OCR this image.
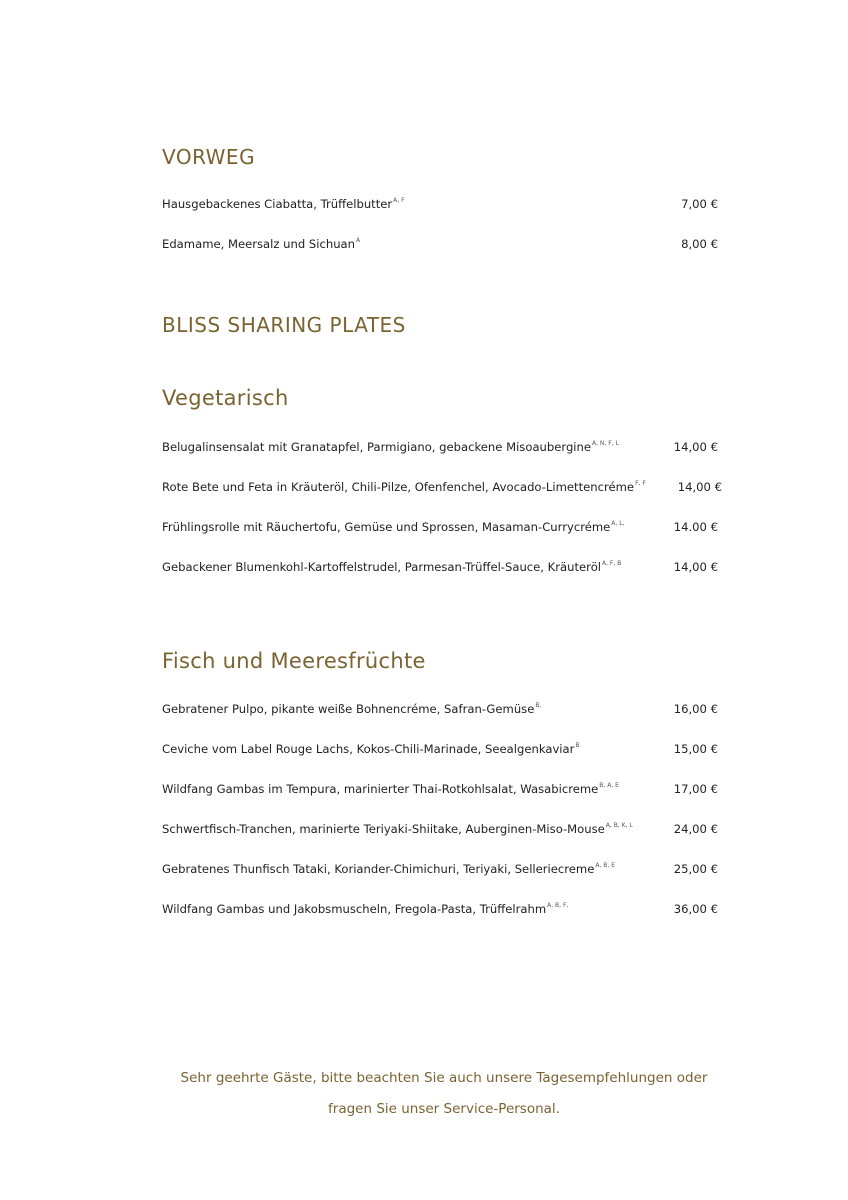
VORWEG
Hausgebackenes Ciabatta, Trüffelbutter$^{A, F}$	7,00 €
Edamame, Meersalz und Sichuan$^A$	8,00 €
BLISS SHARING PLATES
Vegetarisch
Belugalinsensalat mit Granatapfel, Parmigiano, gebackene Misoaubergine$^{A, N, F, L}$	14,00 €
Rote Bete und Feta in Kräuteröl, Chili-Pilze, Ofenfenchel, Avocado-Limettencréme$^{F, F}$	14,00 €
Frühlingsrolle mit Räuchertofu, Gemüse und Sprossen, Masaman-Currycréme$^{A, L,}$	14.00 €
Gebackener Blumenkohl-Kartoffelstrudel, Parmesan-Trüffel-Sauce, Kräuteröl$^{A, F, B}$	14,00 €
Fisch und Meeresfrüchte
Gebratener Pulpo, pikante weiße Bohnencréme, Safran-Gemüse$^{B,}$	16,00 €
Ceviche vom Label Rouge Lachs, Kokos-Chili-Marinade, Seealgenkaviar$^B$	15,00 €
Wildfang Gambas im Tempura, marinierter Thai-Rotkohlsalat, Wasabicreme$^{B, A, E}$	17,00 €
Schwertfisch-Tranchen, marinierte Teriyaki-Shiitake, Auberginen-Miso-Mouse$^{A, B, K, L}$	24,00 €
Gebratenes Thunfisch Tataki, Koriander-Chimichuri, Teriyaki, Selleriecreme$^{A, B, E}$	25,00 €
Wildfang Gambas und Jakobsmuscheln, Fregola-Pasta, Trüffelrahm$^{A, B, F,}$	36,00 €
Sehr geehrte Gäste, bitte beachten Sie auch unsere Tagesempfehlungen oder
fragen Sie unser Service-Personal.
